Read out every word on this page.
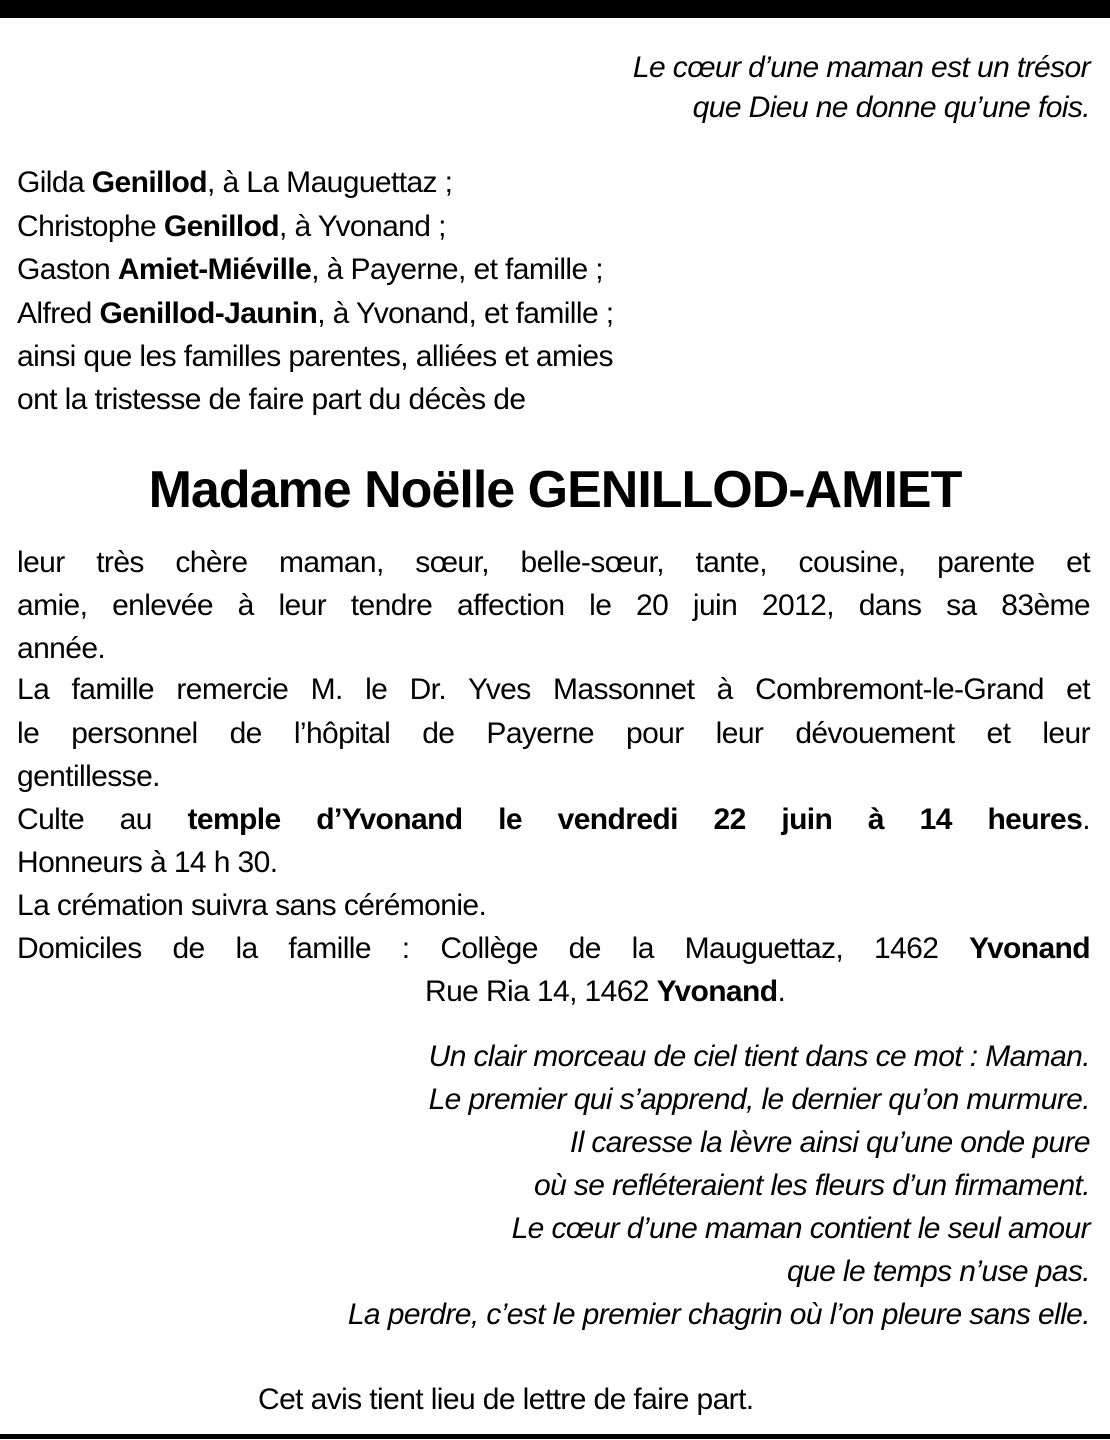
Le cœur d’une maman est un trésor
que Dieu ne donne qu’une fois.
Gilda Genillod, à La Mauguettaz ;
Christophe Genillod, à Yvonand ;
Gaston Amiet-Miéville, à Payerne, et famille ;
Alfred Genillod-Jaunin, à Yvonand, et famille ;
ainsi que les familles parentes, alliées et amies
ont la tristesse de faire part du décès de
Madame Noëlle GENILLOD-AMIET
leur très chère maman, sœur, belle-sœur, tante, cousine, parente et
amie, enlevée à leur tendre affection le 20 juin 2012, dans sa 83ème
année.
La famille remercie M. le Dr. Yves Massonnet à Combremont-le-Grand et
le personnel de l’hôpital de Payerne pour leur dévouement et leur
gentillesse.
Culte au temple d’Yvonand le vendredi 22 juin à 14 heures.
Honneurs à 14 h 30.
La crémation suivra sans cérémonie.
Domiciles de la famille : Collège de la Mauguettaz, 1462 Yvonand
Rue Ria 14, 1462 Yvonand.
Un clair morceau de ciel tient dans ce mot : Maman.
Le premier qui s’apprend, le dernier qu’on murmure.
Il caresse la lèvre ainsi qu’une onde pure
où se refléteraient les fleurs d’un firmament.
Le cœur d’une maman contient le seul amour
que le temps n’use pas.
La perdre, c’est le premier chagrin où l’on pleure sans elle.
Cet avis tient lieu de lettre de faire part.
